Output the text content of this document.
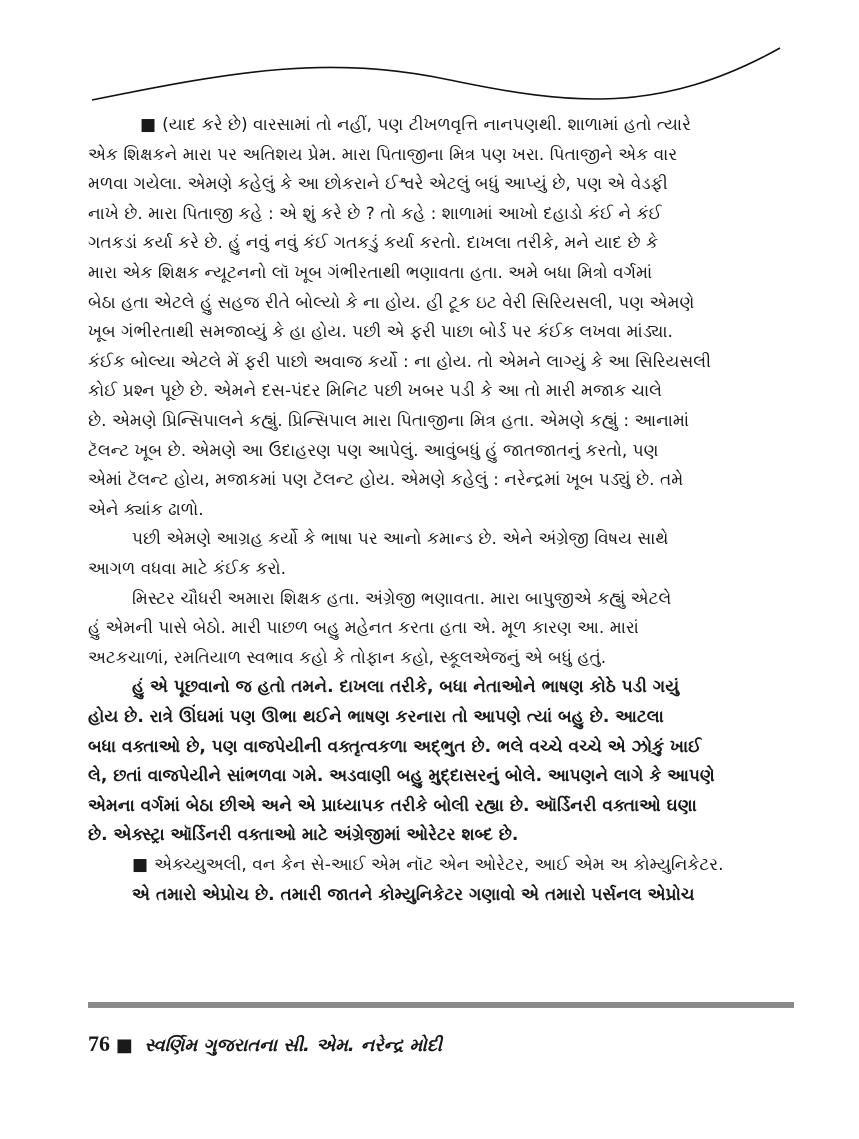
■ (યાદ કરે છે) વારસામાં તો નહીં, પણ ટીખળવૃત્તિ નાનપણથી. શાળામાં હતો ત્યારે
એક શિક્ષકને મારા પર અતિશય પ્રેમ. મારા પિતાજીના મિત્ર પણ ખરા. પિતાજીને એક વાર
મળવા ગયેલા. એમણે કહેલું કે આ છોકરાને ઈશ્વરે એટલું બધું આપ્યું છે, પણ એ વેડફી
નાખે છે. મારા પિતાજી કહે : એ શું કરે છે ? તો કહે : શાળામાં આખો દહાડો કંઈ ને કંઈ
ગતકડાં કર્યા કરે છે. હું નવું નવું કંઈ ગતકડું કર્યા કરતો. દાખલા તરીકે, મને યાદ છે કે
મારા એક શિક્ષક ન્યૂટનનો લૉ ખૂબ ગંભીરતાથી ભણાવતા હતા. અમે બધા મિત્રો વર્ગમાં
બેઠા હતા એટલે હું સહજ રીતે બોલ્યો કે ના હોય. હી ટૂક ઇટ વેરી સિરિયસલી, પણ એમણે
ખૂબ ગંભીરતાથી સમજાવ્યું કે હા હોય. પછી એ ફરી પાછા બોર્ડ પર કંઈક લખવા માંડ્યા.
કંઈક બોલ્યા એટલે મેં ફરી પાછો અવાજ કર્યો : ના હોય. તો એમને લાગ્યું કે આ સિરિયસલી
કોઈ પ્રશ્ન પૂછે છે. એમને દસ-પંદર મિનિટ પછી ખબર પડી કે આ તો મારી મજાક ચાલે
છે. એમણે પ્રિન્સિપાલને કહ્યું. પ્રિન્સિપાલ મારા પિતાજીના મિત્ર હતા. એમણે કહ્યું : આનામાં
ટૅલન્ટ ખૂબ છે. એમણે આ ઉદાહરણ પણ આપેલું. આવુંબધું હું જાતજાતનું કરતો, પણ
એમાં ટૅલન્ટ હોય, મજાકમાં પણ ટૅલન્ટ હોય. એમણે કહેલું : નરેન્દ્રમાં ખૂબ પડ્યું છે. તમે
એને ક્યાંક ઢાળો.
પછી એમણે આગ્રહ કર્યો કે ભાષા પર આનો કમાન્ડ છે. એને અંગ્રેજી વિષય સાથે
આગળ વધવા માટે કંઈક કરો.
મિસ્ટર ચૌધરી અમારા શિક્ષક હતા. અંગ્રેજી ભણાવતા. મારા બાપુજીએ કહ્યું એટલે
હું એમની પાસે બેઠો. મારી પાછળ બહુ મહેનત કરતા હતા એ. મૂળ કારણ આ. મારાં
અટકચાળાં, રમતિયાળ સ્વભાવ કહો કે તોફાન કહો, સ્કૂલએજનું એ બધું હતું.
હું એ પૂછવાનો જ હતો તમને. દાખલા તરીકે, બધા નેતાઓને ભાષણ કોઠે પડી ગયું
હોય છે. રાત્રે ઊંઘમાં પણ ઊભા થઈને ભાષણ કરનારા તો આપણે ત્યાં બહુ છે. આટલા
બધા વક્તાઓ છે, પણ વાજપેયીની વક્તૃત્વકળા અદ્ભુત છે. ભલે વચ્ચે વચ્ચે એ ઝોકું ખાઈ
લે, છતાં વાજપેયીને સાંભળવા ગમે. અડવાણી બહુ મુદ્દાસરનું બોલે. આપણને લાગે કે આપણે
એમના વર્ગમાં બેઠા છીએ અને એ પ્રાધ્યાપક તરીકે બોલી રહ્યા છે. ઑર્ડિનરી વક્તાઓ ઘણા
છે. એક્સ્ટ્રા ઑર્ડિનરી વક્તાઓ માટે અંગ્રેજીમાં ઓરેટર શબ્દ છે.
■ એક્ચ્યુઅલી, વન કેન સે-આઈ એમ નૉટ એન ઓરેટર, આઈ એમ અ કોમ્યુનિકેટર.
એ તમારો એપ્રોચ છે. તમારી જાતને કોમ્યુનિકેટર ગણાવો એ તમારો પર્સનલ એપ્રોચ
76 ■ સ્વર્ણિમ ગુજરાતના સી. એમ. નરેન્દ્ર મોદી
